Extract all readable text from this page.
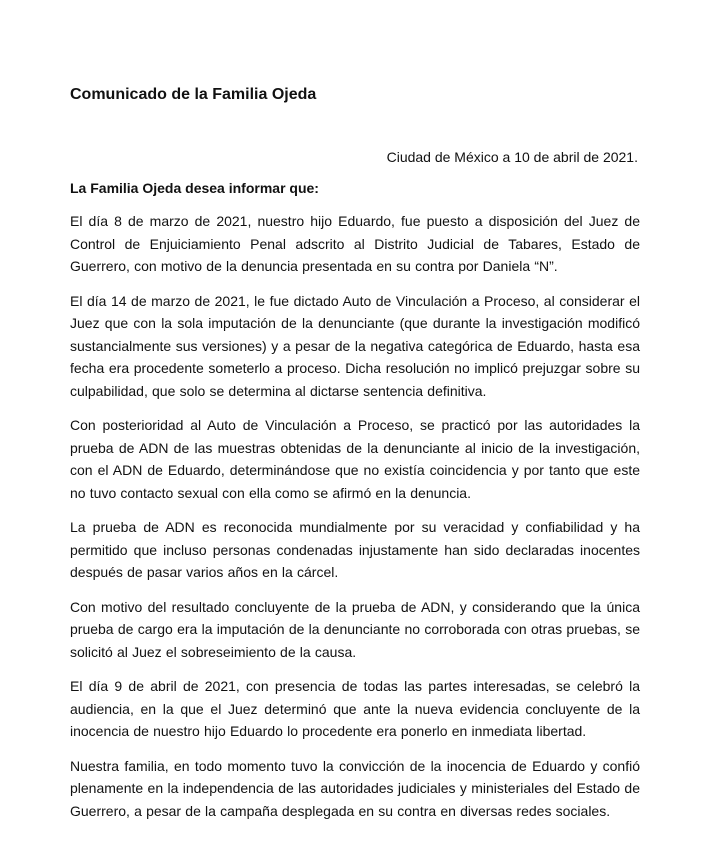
Comunicado de la Familia Ojeda
Ciudad de México a 10 de abril de 2021.
La Familia Ojeda desea informar que:

El día 8 de marzo de 2021, nuestro hijo Eduardo, fue puesto a disposición del Juez de Control de Enjuiciamiento Penal adscrito al Distrito Judicial de Tabares, Estado de Guerrero, con motivo de la denuncia presentada en su contra por Daniela “N”.

El día 14 de marzo de 2021, le fue dictado Auto de Vinculación a Proceso, al considerar el Juez que con la sola imputación de la denunciante (que durante la investigación modificó sustancialmente sus versiones) y a pesar de la negativa categórica de Eduardo, hasta esa fecha era procedente someterlo a proceso. Dicha resolución no implicó prejuzgar sobre su culpabilidad, que solo se determina al dictarse sentencia definitiva.

Con posterioridad al Auto de Vinculación a Proceso, se practicó por las autoridades la prueba de ADN de las muestras obtenidas de la denunciante al inicio de la investigación, con el ADN de Eduardo, determinándose que no existía coincidencia y por tanto que este no tuvo contacto sexual con ella como se afirmó en la denuncia.

La prueba de ADN es reconocida mundialmente por su veracidad y confiabilidad y ha permitido que incluso personas condenadas injustamente han sido declaradas inocentes después de pasar varios años en la cárcel.

Con motivo del resultado concluyente de la prueba de ADN, y considerando que la única prueba de cargo era la imputación de la denunciante no corroborada con otras pruebas, se solicitó al Juez el sobreseimiento de la causa.

El día 9 de abril de 2021, con presencia de todas las partes interesadas, se celebró la audiencia, en la que el Juez determinó que ante la nueva evidencia concluyente de la inocencia de nuestro hijo Eduardo lo procedente era ponerlo en inmediata libertad.

Nuestra familia, en todo momento tuvo la convicción de la inocencia de Eduardo y confió plenamente en la independencia de las autoridades judiciales y ministeriales del Estado de Guerrero, a pesar de la campaña desplegada en su contra en diversas redes sociales.
